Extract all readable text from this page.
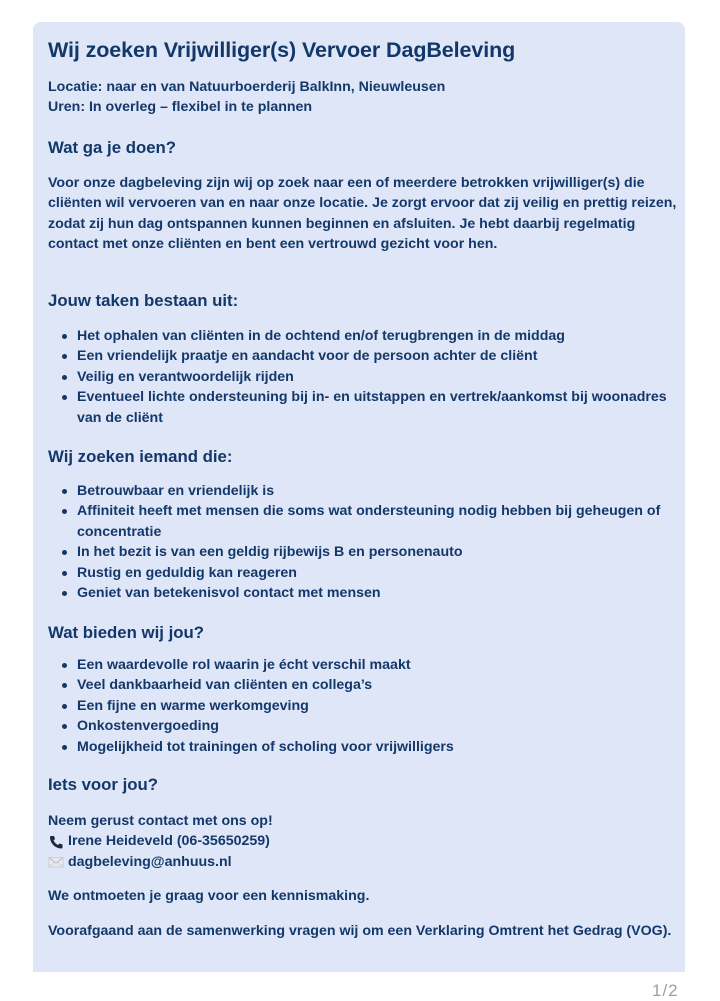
Wij zoeken Vrijwilliger(s) Vervoer DagBeleving
Locatie: naar en van Natuurboerderij BalkInn, Nieuwleusen
Uren: In overleg – flexibel in te plannen
Wat ga je doen?

Voor onze dagbeleving zijn wij op zoek naar een of meerdere betrokken vrijwilliger(s) die cliënten wil vervoeren van en naar onze locatie. Je zorgt ervoor dat zij veilig en prettig reizen, zodat zij hun dag ontspannen kunnen beginnen en afsluiten. Je hebt daarbij regelmatig contact met onze cliënten en bent een vertrouwd gezicht voor hen.

Jouw taken bestaan uit:
Het ophalen van cliënten in de ochtend en/of terugbrengen in de middag
Een vriendelijk praatje en aandacht voor de persoon achter de cliënt
Veilig en verantwoordelijk rijden
Eventueel lichte ondersteuning bij in- en uitstappen en vertrek/aankomst bij woonadres van de cliënt
Wij zoeken iemand die:
Betrouwbaar en vriendelijk is
Affiniteit heeft met mensen die soms wat ondersteuning nodig hebben bij geheugen of concentratie
In het bezit is van een geldig rijbewijs B en personenauto
Rustig en geduldig kan reageren
Geniet van betekenisvol contact met mensen
Wat bieden wij jou?
Een waardevolle rol waarin je écht verschil maakt
Veel dankbaarheid van cliënten en collega’s
Een fijne en warme werkomgeving
Onkostenvergoeding
Mogelijkheid tot trainingen of scholing voor vrijwilligers
Iets voor jou?
Neem gerust contact met ons op!
Irene Heideveld (06-35650259)
dagbeleving@anhuus.nl

We ontmoeten je graag voor een kennismaking.

Voorafgaand aan de samenwerking vragen wij om een Verklaring Omtrent het Gedrag (VOG).

1/2
